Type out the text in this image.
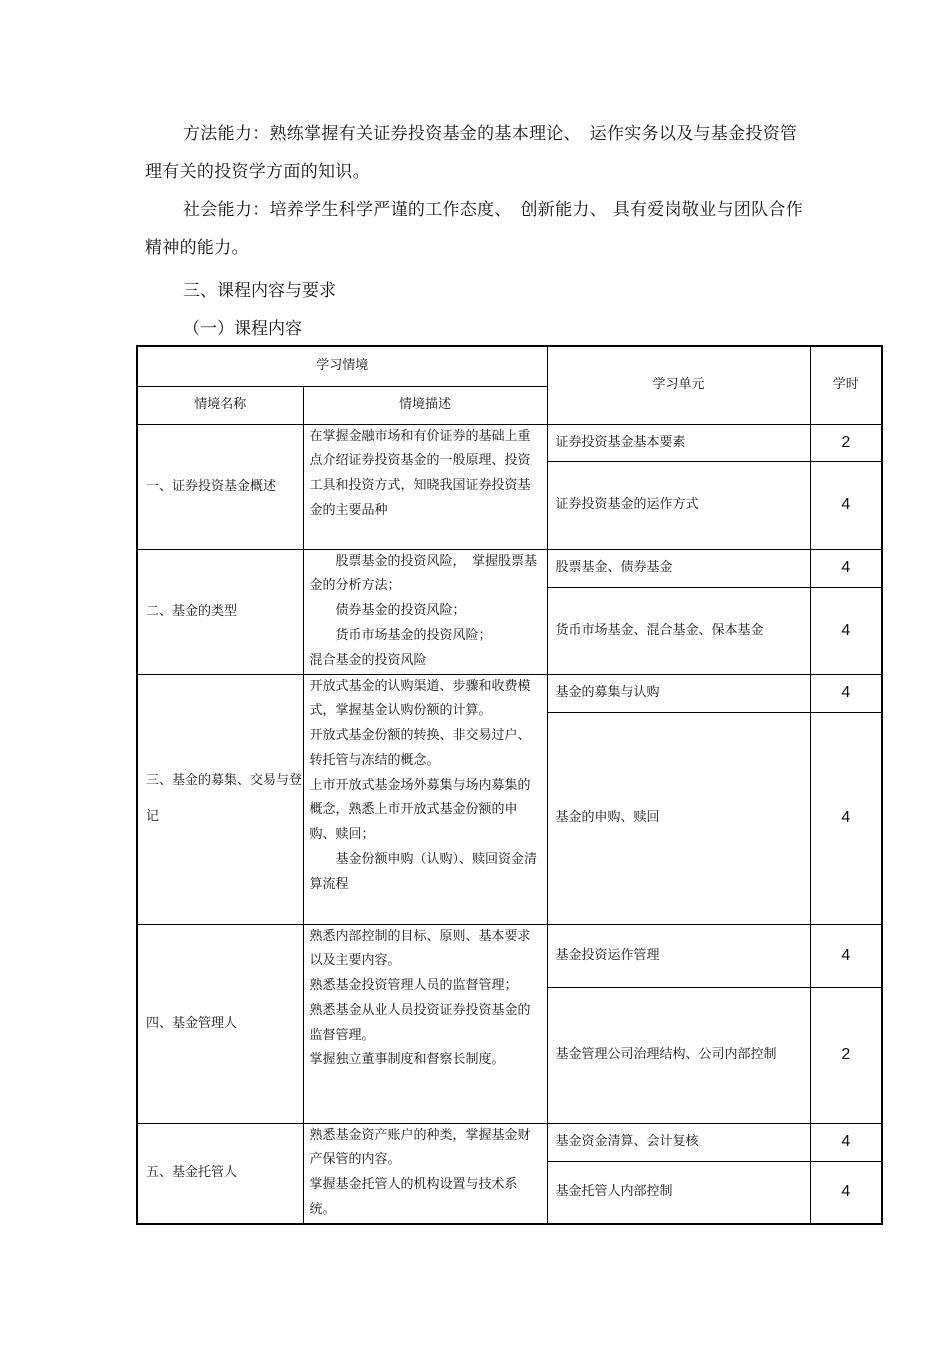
方法能力：熟练掌握有关证券投资基金的基本理论、　运作实务以及与基金投资管理有关的投资学方面的知识。
社会能力：培养学生科学严谨的工作态度、　创新能力、 具有爱岗敬业与团队合作精神的能力。
三、课程内容与要求
（一）课程内容
学习情境		学习单元	学时
情境名称	情境描述		
一、证券投资基金概述	在掌握金融市场和有价证券的基础上重点介绍证券投资基金的一般原理、投资工具和投资方式，知晓我国证券投资基金的主要品种	证券投资基金基本要素	2
		证券投资基金的运作方式	4
二、基金的类型	　　股票基金的投资风险，　掌握股票基金的分析方法；
　　债券基金的投资风险；
　　货币市场基金的投资风险；
混合基金的投资风险	股票基金、债券基金	4
		货币市场基金、混合基金、保本基金	4
三、基金的募集、交易与登记	开放式基金的认购渠道、步骤和收费模式，掌握基金认购份额的计算。
开放式基金份额的转换、非交易过户、转托管与冻结的概念。
上市开放式基金场外募集与场内募集的概念，熟悉上市开放式基金份额的申购、赎回；
　　基金份额申购（认购）、赎回资金清算流程	基金的募集与认购	4
		基金的申购、赎回	4
四、基金管理人	熟悉内部控制的目标、原则、基本要求以及主要内容。
熟悉基金投资管理人员的监督管理；
熟悉基金从业人员投资证券投资基金的监督管理。
掌握独立董事制度和督察长制度。	基金投资运作管理	4
		基金管理公司治理结构、公司内部控制	2
五、基金托管人	熟悉基金资产账户的种类，掌握基金财产保管的内容。
掌握基金托管人的机构设置与技术系统。	基金资金清算、会计复核	4
		基金托管人内部控制	4
